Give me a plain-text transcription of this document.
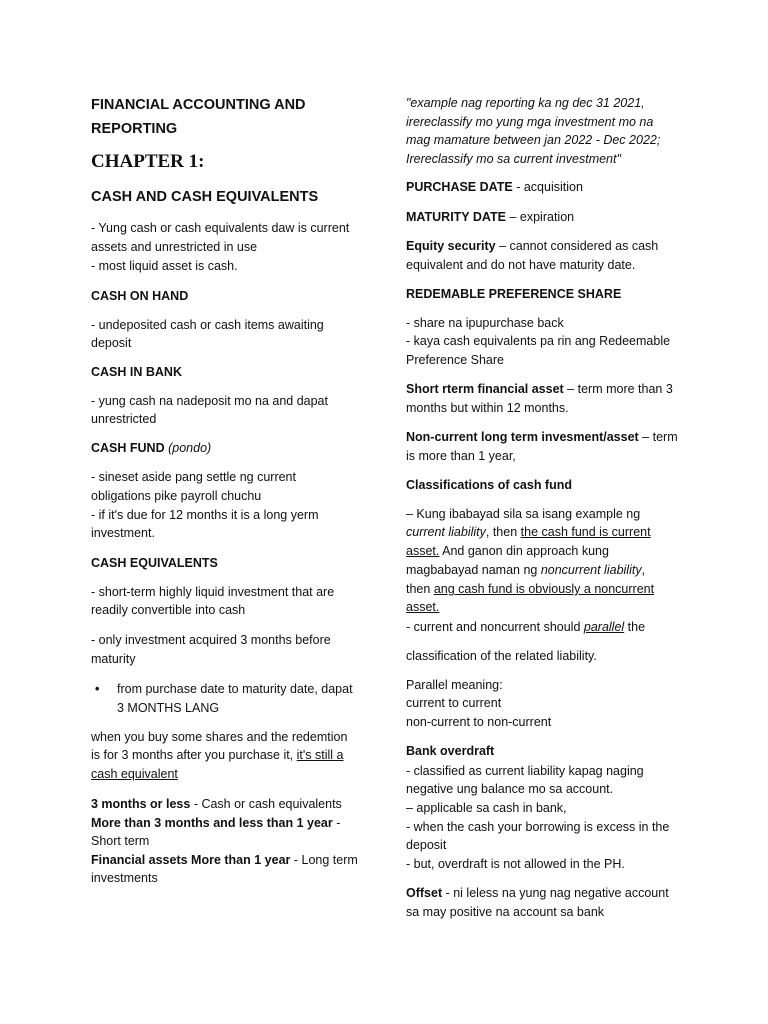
FINANCIAL ACCOUNTING AND

REPORTING

CHAPTER 1:

CASH AND CASH EQUIVALENTS

- Yung cash or cash equivalents daw is current

assets and unrestricted in use

- most liquid asset is cash.

CASH ON HAND

- undeposited cash or cash items awaiting

deposit

CASH IN BANK

- yung cash na nadeposit mo na and dapat

unrestricted

CASH FUND (pondo)

- sineset aside pang settle ng current

obligations pike payroll chuchu

- if it's due for 12 months it is a long yerm

investment.

CASH EQUIVALENTS

- short-term highly liquid investment that are

readily convertible into cash

- only investment acquired 3 months before

maturity

• from purchase date to maturity date, dapat
3 MONTHS LANG

when you buy some shares and the redemtion

is for 3 months after you purchase it, it's still a

cash equivalent

3 months or less - Cash or cash equivalents

More than 3 months and less than 1 year -

Short term

Financial assets More than 1 year - Long term

investments

"example nag reporting ka ng dec 31 2021,

irereclassify mo yung mga investment mo na

mag mamature between jan 2022 - Dec 2022;

Irereclassify mo sa current investment"

PURCHASE DATE - acquisition

MATURITY DATE – expiration

Equity security – cannot considered as cash

equivalent and do not have maturity date.

REDEMABLE PREFERENCE SHARE

- share na ipupurchase back

- kaya cash equivalents pa rin ang Redeemable

Preference Share

Short rterm financial asset – term more than 3

months but within 12 months.

Non-current long term invesment/asset – term

is more than 1 year,

Classifications of cash fund

– Kung ibabayad sila sa isang example ng

current liability, then the cash fund is current

asset. And ganon din approach kung

magbabayad naman ng noncurrent liability,

then ang cash fund is obviously a noncurrent

asset.

- current and noncurrent should parallel the

classification of the related liability.

Parallel meaning:

current to current

non-current to non-current

Bank overdraft

- classified as current liability kapag naging

negative ung balance mo sa account.

– applicable sa cash in bank,

- when the cash your borrowing is excess in the

deposit

- but, overdraft is not allowed in the PH.

Offset - ni leless na yung nag negative account

sa may positive na account sa bank
